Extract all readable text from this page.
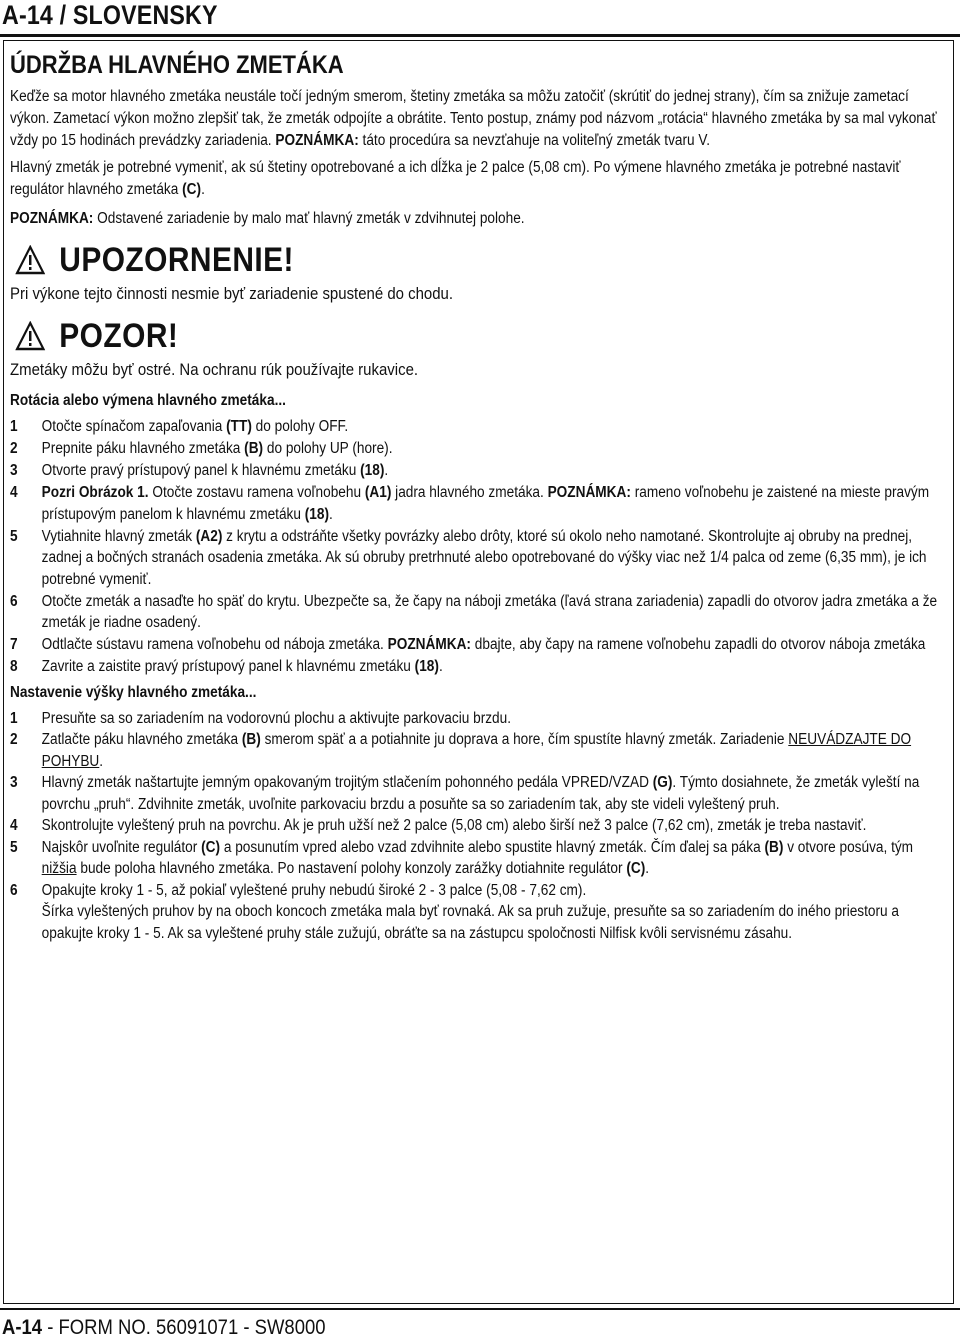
A-14 / SLOVENSKY
ÚDRŽBA HLAVNÉHO ZMETÁKA

Keďže sa motor hlavného zmetáka neustále točí jedným smerom, štetiny zmetáka sa môžu zatočiť (skrútiť do jednej strany), čím sa znižuje zametací výkon. Zametací výkon možno zlepšiť tak, že zmeták odpojíte a obrátite. Tento postup, známy pod názvom „rotácia“ hlavného zmetáka by sa mal vykonať vždy po 15 hodinách prevádzky zariadenia. POZNÁMKA: táto procedúra sa nevzťahuje na voliteľný zmeták tvaru V.

Hlavný zmeták je potrebné vymeniť, ak sú štetiny opotrebované a ich dĺžka je 2 palce (5,08 cm). Po výmene hlavného zmetáka je potrebné nastaviť regulátor hlavného zmetáka (C).

POZNÁMKA: Odstavené zariadenie by malo mať hlavný zmeták v zdvihnutej polohe.

UPOZORNENIE!
Pri výkone tejto činnosti nesmie byť zariadenie spustené do chodu.
POZOR!
Zmetáky môžu byť ostré. Na ochranu rúk používajte rukavice.
Rotácia alebo výmena hlavného zmetáka...
1 Otočte spínačom zapaľovania (TT) do polohy OFF.
2 Prepnite páku hlavného zmetáka (B) do polohy UP (hore).
3 Otvorte pravý prístupový panel k hlavnému zmetáku (18).
4 Pozri Obrázok 1. Otočte zostavu ramena voľnobehu (A1) jadra hlavného zmetáka. POZNÁMKA: rameno voľnobehu je zaistené na mieste pravým prístupovým panelom k hlavnému zmetáku (18).
5 Vytiahnite hlavný zmeták (A2) z krytu a odstráňte všetky povrázky alebo drôty, ktoré sú okolo neho namotané. Skontrolujte aj obruby na prednej, zadnej a bočných stranách osadenia zmetáka. Ak sú obruby pretrhnuté alebo opotrebované do výšky viac než 1/4 palca od zeme (6,35 mm), je ich potrebné vymeniť.
6 Otočte zmeták a nasaďte ho späť do krytu. Ubezpečte sa, že čapy na náboji zmetáka (ľavá strana zariadenia) zapadli do otvorov jadra zmetáka a že zmeták je riadne osadený.
7 Odtlačte sústavu ramena voľnobehu od nábojа zmetáka. POZNÁMKA: dbajte, aby čapy na ramene voľnobehu zapadli do otvorov nábojа zmetáka
8 Zavrite a zaistite pravý prístupový panel k hlavnému zmetáku (18).
Nastavenie výšky hlavného zmetáka...
1 Presuňte sa so zariadením na vodorovnú plochu a aktivujte parkovaciu brzdu.
2 Zatlačte páku hlavného zmetáka (B) smerom späť a a potiahnite ju doprava a hore, čím spustíte hlavný zmeták. Zariadenie NEUVÁDZAJTE DO POHYBU.
3 Hlavný zmeták naštartujte jemným opakovaným trojitým stlačením pohonného pedála VPRED/VZAD (G). Týmto dosiahnete, že zmeták vyleští na povrchu „pruh“. Zdvihnite zmeták, uvoľnite parkovaciu brzdu a posuňte sa so zariadením tak, aby ste videli vyleštený pruh.
4 Skontrolujte vyleštený pruh na povrchu. Ak je pruh užší než 2 palce (5,08 cm) alebo širší než 3 palce (7,62 cm), zmeták je treba nastaviť.
5 Najskôr uvoľnite regulátor (C) a posunutím vpred alebo vzad zdvihnite alebo spustite hlavný zmeták. Čím ďalej sa páka (B) v otvore posúva, tým nižšia bude poloha hlavného zmetáka. Po nastavení polohy konzoly zarážky dotiahnite regulátor (C).
6 Opakujte kroky 1 - 5, až pokiaľ vyleštené pruhy nebudú široké 2 - 3 palce (5,08 - 7,62 cm).
Šírka vyleštených pruhov by na oboch koncoch zmetáka mala byť rovnaká. Ak sa pruh zužuje, presuňte sa so zariadením do iného priestoru a opakujte kroky 1 - 5. Ak sa vyleštené pruhy stále zužujú, obráťte sa na zástupcu spoločnosti Nilfisk kvôli servisnému zásahu.
A-14 - FORM NO. 56091071 - SW8000
